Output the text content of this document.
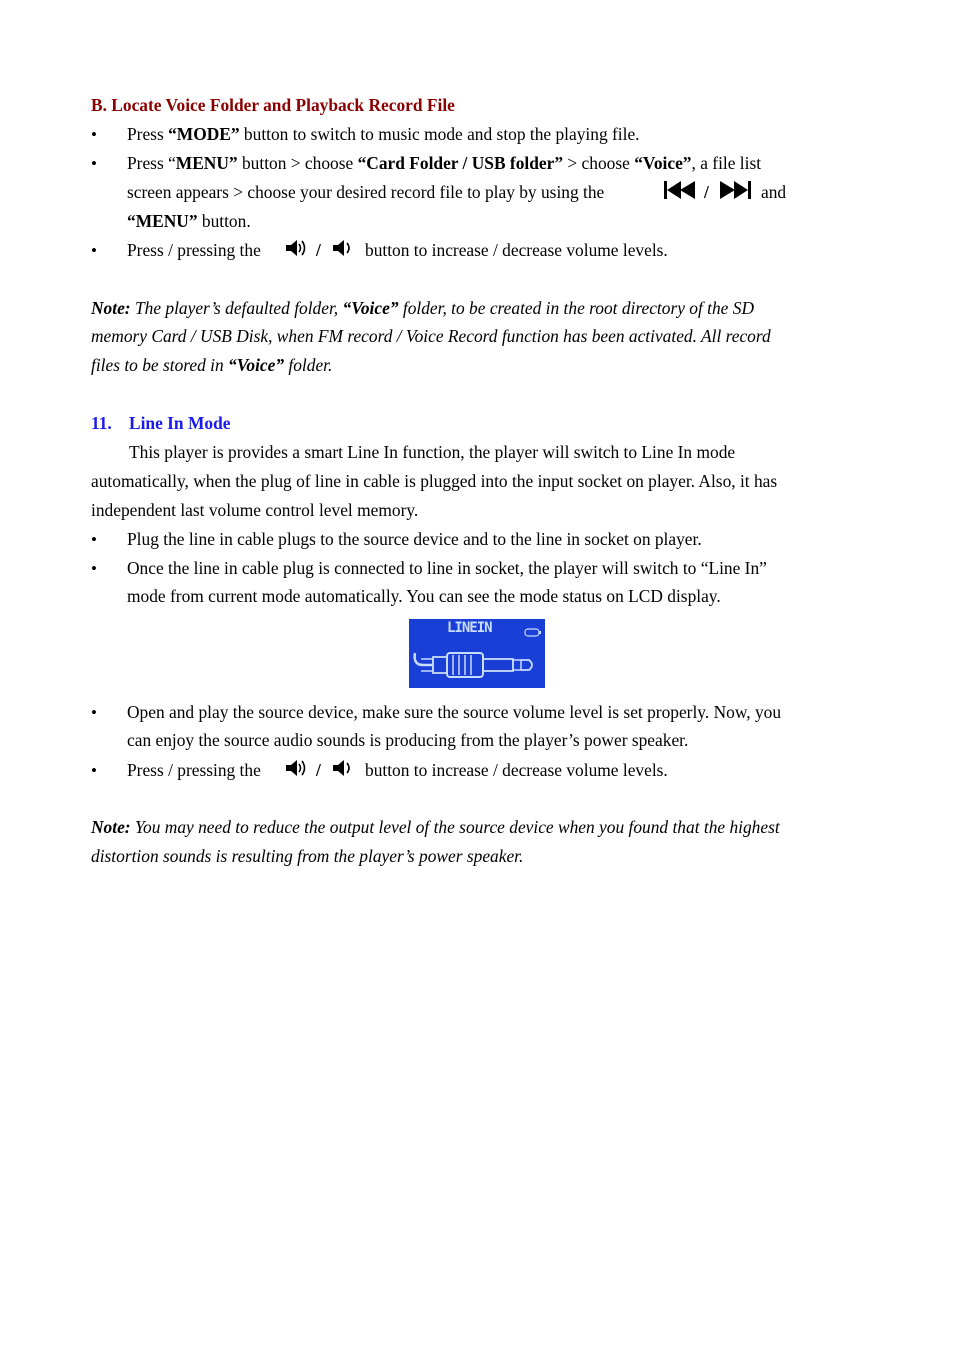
B. Locate Voice Folder and Playback Record File
• Press “MODE” button to switch to music mode and stop the playing file.
• Press “MENU” button > choose “Card Folder / USB folder” > choose “Voice”, a file list
screen appears > choose your desired record file to play by using the	/	and
“MENU” button.
• Press / pressing the	/	button to increase / decrease volume levels.
Note: The player’s defaulted folder, “Voice” folder, to be created in the root directory of the SD
memory Card / USB Disk, when FM record / Voice Record function has been activated. All record
files to be stored in “Voice” folder.
11. Line In Mode
This player is provides a smart Line In function, the player will switch to Line In mode
automatically, when the plug of line in cable is plugged into the input socket on player. Also, it has
independent last volume control level memory.
• Plug the line in cable plugs to the source device and to the line in socket on player.
• Once the line in cable plug is connected to line in socket, the player will switch to “Line In”
mode from current mode automatically. You can see the mode status on LCD display.
LINEIN
• Open and play the source device, make sure the source volume level is set properly. Now, you
can enjoy the source audio sounds is producing from the player’s power speaker.
• Press / pressing the	/	button to increase / decrease volume levels.
Note: You may need to reduce the output level of the source device when you found that the highest
distortion sounds is resulting from the player’s power speaker.
